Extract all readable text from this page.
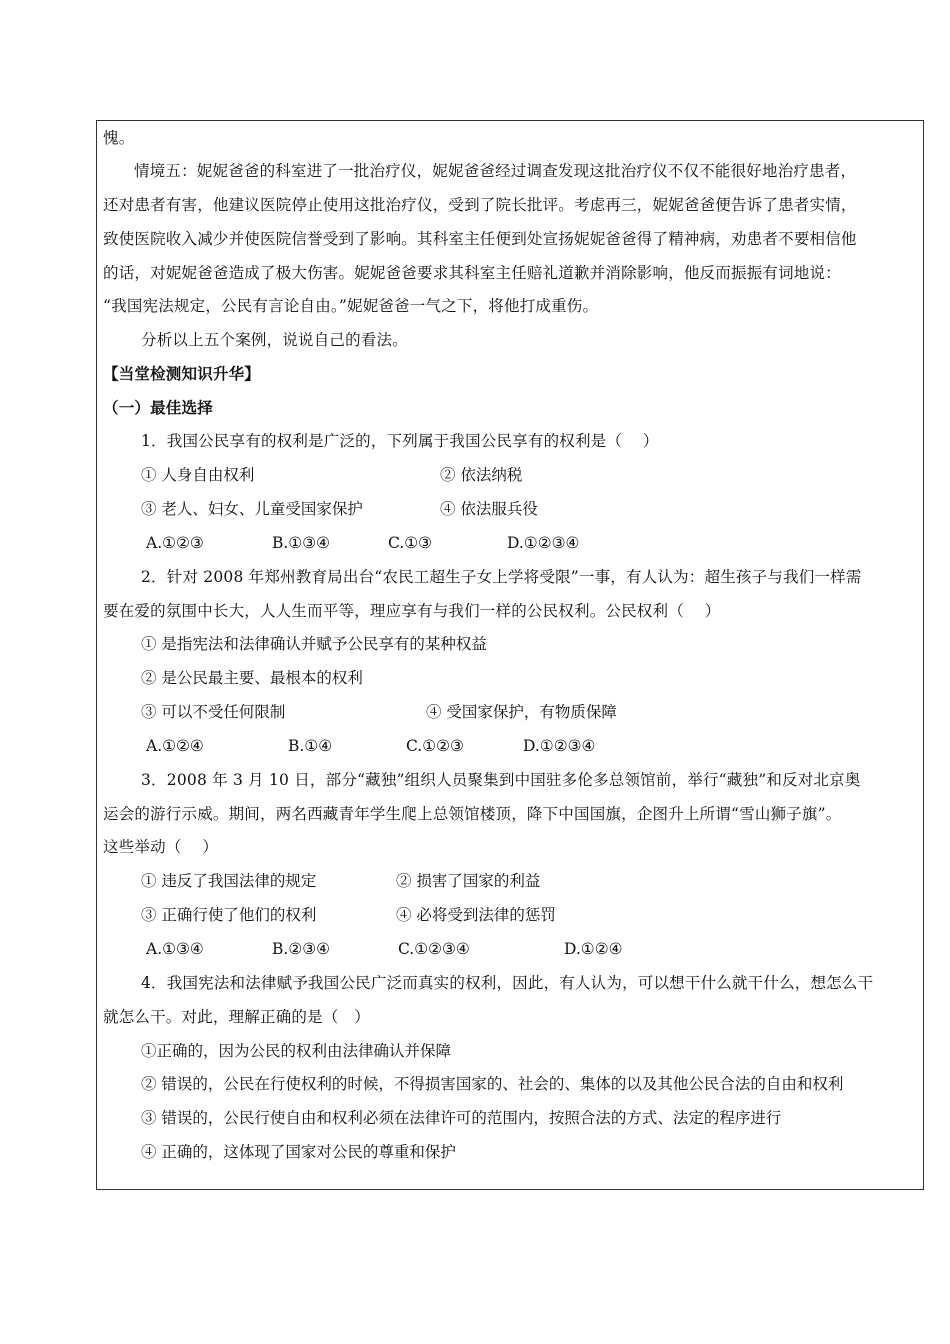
愧。
情境五：妮妮爸爸的科室进了一批治疗仪，妮妮爸爸经过调查发现这批治疗仪不仅不能很好地治疗患者，
还对患者有害，他建议医院停止使用这批治疗仪，受到了院长批评。考虑再三，妮妮爸爸便告诉了患者实情，
致使医院收入减少并使医院信誉受到了影响。其科室主任便到处宣扬妮妮爸爸得了精神病，劝患者不要相信他
的话，对妮妮爸爸造成了极大伤害。妮妮爸爸要求其科室主任赔礼道歉并消除影响，他反而振振有词地说：
“我国宪法规定，公民有言论自由。”妮妮爸爸一气之下，将他打成重伤。
分析以上五个案例，说说自己的看法。
【当堂检测知识升华】
（一）最佳选择
1．我国公民享有的权利是广泛的，下列属于我国公民享有的权利是（　 ）
① 人身自由权利	② 依法纳税
③ 老人、妇女、儿童受国家保护	④ 依法服兵役
A.①②③	B.①③④	C.①③	D.①②③④
2．针对 2008 年郑州教育局出台“农民工超生子女上学将受限”一事，有人认为：超生孩子与我们一样需
要在爱的氛围中长大，人人生而平等，理应享有与我们一样的公民权利。公民权利（　 ）
① 是指宪法和法律确认并赋予公民享有的某种权益
② 是公民最主要、最根本的权利
③ 可以不受任何限制	④ 受国家保护，有物质保障
A.①②④	B.①④	C.①②③	D.①②③④
3．2008 年 3 月 10 日，部分“藏独”组织人员聚集到中国驻多伦多总领馆前，举行“藏独”和反对北京奥
运会的游行示威。期间，两名西藏青年学生爬上总领馆楼顶，降下中国国旗，企图升上所谓“雪山狮子旗”。
这些举动（　 ）
① 违反了我国法律的规定	② 损害了国家的利益
③ 正确行使了他们的权利	④ 必将受到法律的惩罚
A.①③④	B.②③④	C.①②③④	D.①②④
4．我国宪法和法律赋予我国公民广泛而真实的权利，因此，有人认为，可以想干什么就干什么，想怎么干
就怎么干。对此，理解正确的是（　）
①正确的，因为公民的权利由法律确认并保障
② 错误的，公民在行使权利的时候，不得损害国家的、社会的、集体的以及其他公民合法的自由和权利
③ 错误的，公民行使自由和权利必须在法律许可的范围内，按照合法的方式、法定的程序进行
④ 正确的，这体现了国家对公民的尊重和保护
